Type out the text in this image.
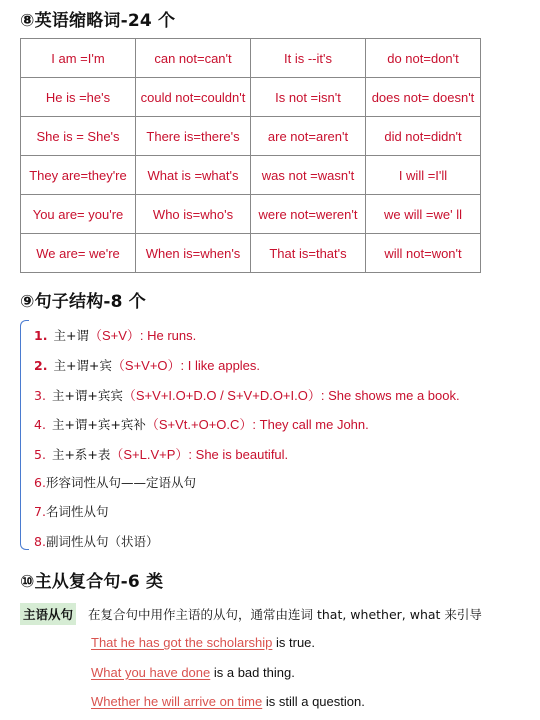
⑧英语缩略词-24 个
I am =I'm	can not=can't	It is --it's	do not=don't
He is =he's	could not=couldn't	Is not =isn't	does not= doesn't
She is = She's	There is=there's	are not=aren't	did not=didn't
They are=they're	What is =what's	was not =wasn't	I will =I'll
You are= you're	Who is=who's	were not=weren't	we will =we' ll
We are= we're	When is=when's	That is=that's	will not=won't
⑨句子结构-8 个
1. 主+谓（S+V）: He runs.
2. 主+谓+宾（S+V+O）: I like apples.
3. 主+谓+宾宾（S+V+I.O+D.O / S+V+D.O+I.O）: She shows me a book.
4. 主+谓+宾+宾补（S+Vt.+O+O.C）: They call me John.
5. 主+系+表（S+L.V+P）: She is beautiful.
6.形容词性从句——定语从句
7.名词性从句
8.副词性从句（状语）
⑩主从复合句-6 类
主语从句 在复合句中用作主语的从句，通常由连词 that, whether, what 来引导
That he has got the scholarship is true.
What you have done is a bad thing.
Whether he will arrive on time is still a question.
